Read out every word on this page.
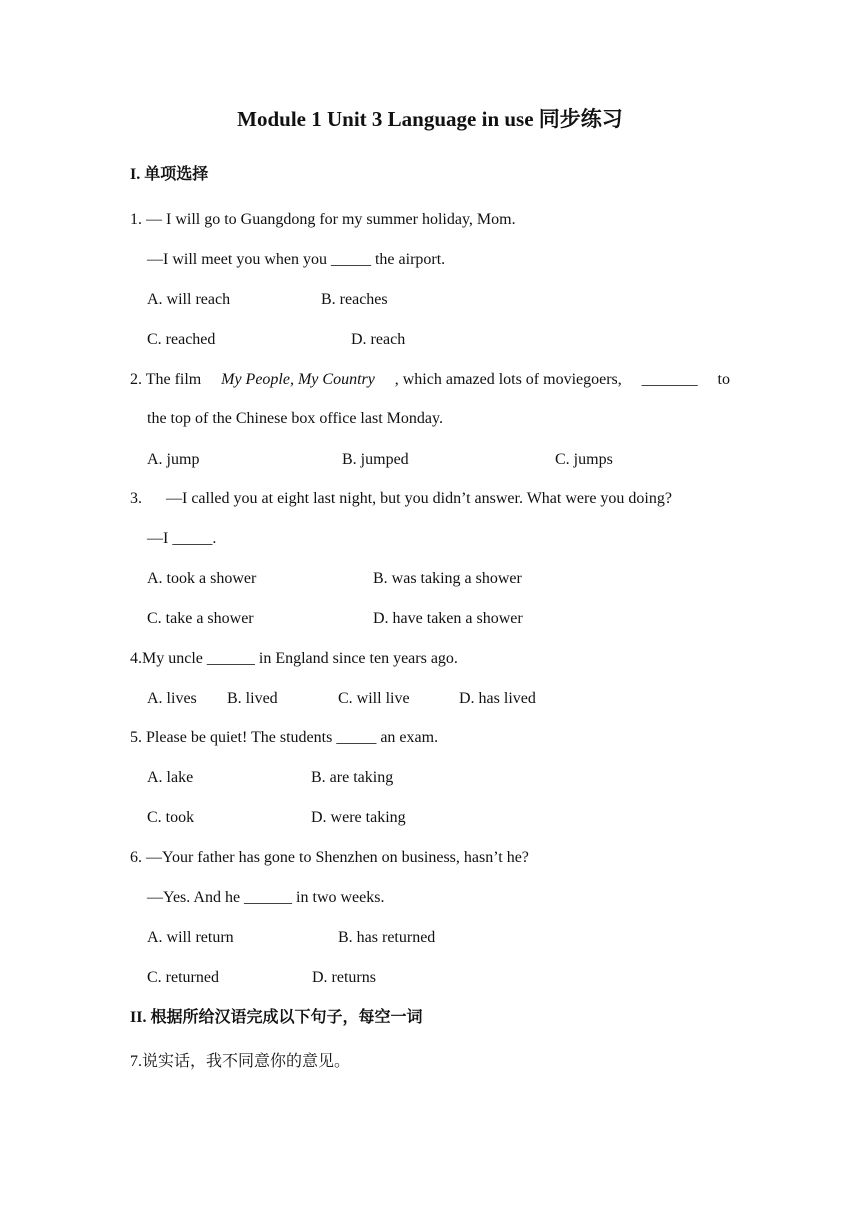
Module 1 Unit 3 Language in use 同步练习
I. 单项选择
1. — I will go to Guangdong for my summer holiday, Mom.
—I will meet you when you _____ the airport.
A. will reach	B. reaches
C. reached	D. reach
2. The film My People, My Country , which amazed lots of moviegoers, _______ to
the top of the Chinese box office last Monday.
A. jump	B. jumped	C. jumps
3.      —I called you at eight last night, but you didn’t answer. What were you doing?
—I _____.
A. took a shower	B. was taking a shower
C. take a shower	D. have taken a shower
4.My uncle ______ in England since ten years ago.
A. lives B. lived	C. will live	D. has lived
5. Please be quiet! The students _____ an exam.
A. lake	B. are taking
C. took	D. were taking
6. —Your father has gone to Shenzhen on business, hasn’t he?
—Yes. And he ______ in two weeks.
A. will return	B. has returned
C. returned	D. returns
II. 根据所给汉语完成以下句子，每空一词
7.说实话，我不同意你的意见。
